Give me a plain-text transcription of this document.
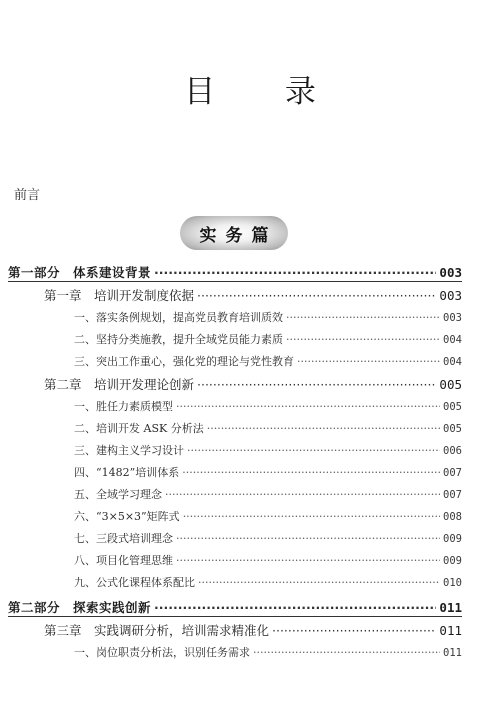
目 录
前言
实务篇
第一部分　体系建设背景 ·····	003
第一章　培训开发制度依据 ·····	003
一、落实条例规划，提高党员教育培训质效 ·····	003
二、坚持分类施教，提升全域党员能力素质 ·····	004
三、突出工作重心，强化党的理论与党性教育 ·····	004
第二章　培训开发理论创新 ·····	005
一、胜任力素质模型 ·····	005
二、培训开发 ASK 分析法 ·····	005
三、建构主义学习设计 ·····	006
四、“1482”培训体系 ·····	007
五、全域学习理念 ·····	007
六、“3×5×3”矩阵式 ·····	008
七、三段式培训理念 ·····	009
八、项目化管理思维 ·····	009
九、公式化课程体系配比 ·····	010
第二部分　探索实践创新 ·····	011
第三章　实践调研分析，培训需求精准化 ·····	011
一、岗位职责分析法，识别任务需求 ·····	011
